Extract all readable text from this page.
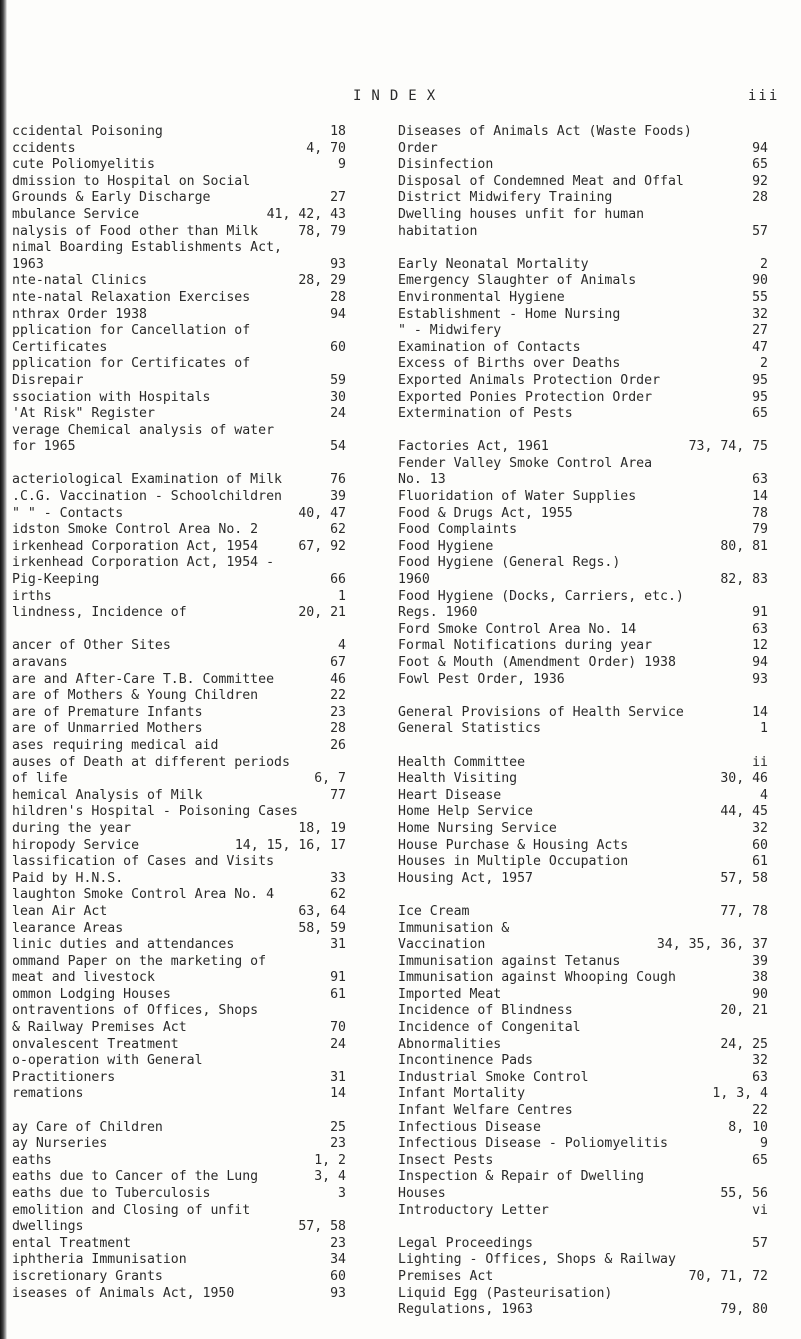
INDEX	iii
ccidental Poisoning	18
ccidents	4, 70
cute Poliomyelitis	9
dmission to Hospital on Social
Grounds & Early Discharge	27
mbulance Service	41, 42, 43
nalysis of Food other than Milk	78, 79
nimal Boarding Establishments Act,
1963	93
nte-natal Clinics	28, 29
nte-natal Relaxation Exercises	28
nthrax Order 1938	94
pplication for Cancellation of
Certificates	60
pplication for Certificates of
Disrepair	59
ssociation with Hospitals	30
'At Risk" Register	24
verage Chemical analysis of water
for 1965	54
acteriological Examination of Milk	76
.C.G. Vaccination - Schoolchildren	39
" " - Contacts	40, 47
idston Smoke Control Area No. 2	62
irkenhead Corporation Act, 1954	67, 92
irkenhead Corporation Act, 1954 -
Pig-Keeping	66
irths	1
lindness, Incidence of	20, 21
ancer of Other Sites	4
aravans	67
are and After-Care T.B. Committee	46
are of Mothers & Young Children	22
are of Premature Infants	23
are of Unmarried Mothers	28
ases requiring medical aid	26
auses of Death at different periods
of life	6, 7
hemical Analysis of Milk	77
hildren's Hospital - Poisoning Cases
during the year	18, 19
hiropody Service	14, 15, 16, 17
lassification of Cases and Visits
Paid by H.N.S.	33
laughton Smoke Control Area No. 4	62
lean Air Act	63, 64
learance Areas	58, 59
linic duties and attendances	31
ommand Paper on the marketing of
meat and livestock	91
ommon Lodging Houses	61
ontraventions of Offices, Shops
& Railway Premises Act	70
onvalescent Treatment	24
o-operation with General
Practitioners	31
remations	14
ay Care of Children	25
ay Nurseries	23
eaths	1, 2
eaths due to Cancer of the Lung	3, 4
eaths due to Tuberculosis	3
emolition and Closing of unfit
dwellings	57, 58
ental Treatment	23
iphtheria Immunisation	34
iscretionary Grants	60
iseases of Animals Act, 1950	93
Diseases of Animals Act (Waste Foods)
Order	94
Disinfection	65
Disposal of Condemned Meat and Offal	92
District Midwifery Training	28
Dwelling houses unfit for human
habitation	57
Early Neonatal Mortality	2
Emergency Slaughter of Animals	90
Environmental Hygiene	55
Establishment - Home Nursing	32
" - Midwifery	27
Examination of Contacts	47
Excess of Births over Deaths	2
Exported Animals Protection Order	95
Exported Ponies Protection Order	95
Extermination of Pests	65
Factories Act, 1961	73, 74, 75
Fender Valley Smoke Control Area
No. 13	63
Fluoridation of Water Supplies	14
Food & Drugs Act, 1955	78
Food Complaints	79
Food Hygiene	80, 81
Food Hygiene (General Regs.)
1960	82, 83
Food Hygiene (Docks, Carriers, etc.)
Regs. 1960	91
Ford Smoke Control Area No. 14	63
Formal Notifications during year	12
Foot & Mouth (Amendment Order) 1938	94
Fowl Pest Order, 1936	93
General Provisions of Health Service	14
General Statistics	1
Health Committee	ii
Health Visiting	30, 46
Heart Disease	4
Home Help Service	44, 45
Home Nursing Service	32
House Purchase & Housing Acts	60
Houses in Multiple Occupation	61
Housing Act, 1957	57, 58
Ice Cream	77, 78
Immunisation &
Vaccination	34, 35, 36, 37
Immunisation against Tetanus	39
Immunisation against Whooping Cough	38
Imported Meat	90
Incidence of Blindness	20, 21
Incidence of Congenital
Abnormalities	24, 25
Incontinence Pads	32
Industrial Smoke Control	63
Infant Mortality	1, 3, 4
Infant Welfare Centres	22
Infectious Disease	8, 10
Infectious Disease - Poliomyelitis	9
Insect Pests	65
Inspection & Repair of Dwelling
Houses	55, 56
Introductory Letter	vi
Legal Proceedings	57
Lighting - Offices, Shops & Railway
Premises Act	70, 71, 72
Liquid Egg (Pasteurisation)
Regulations, 1963	79, 80
